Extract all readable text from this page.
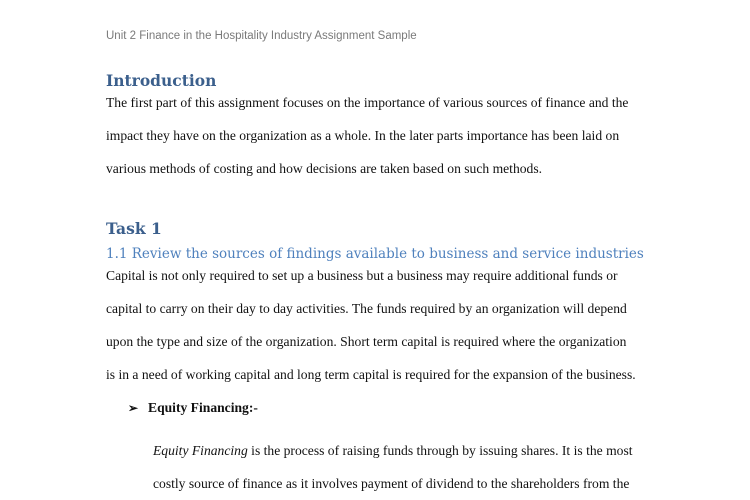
Unit 2 Finance in the Hospitality Industry Assignment Sample
Introduction
The first part of this assignment focuses on the importance of various sources of finance and the
impact they have on the organization as a whole. In the later parts importance has been laid on
various methods of costing and how decisions are taken based on such methods.
Task 1
1.1 Review the sources of findings available to business and service industries
Capital is not only required to set up a business but a business may require additional funds or
capital to carry on their day to day activities. The funds required by an organization will depend
upon the type and size of the organization. Short term capital is required where the organization
is in a need of working capital and long term capital is required for the expansion of the business.
➢ Equity Financing:-
Equity Financing is the process of raising funds through by issuing shares. It is the most
costly source of finance as it involves payment of dividend to the shareholders from the
